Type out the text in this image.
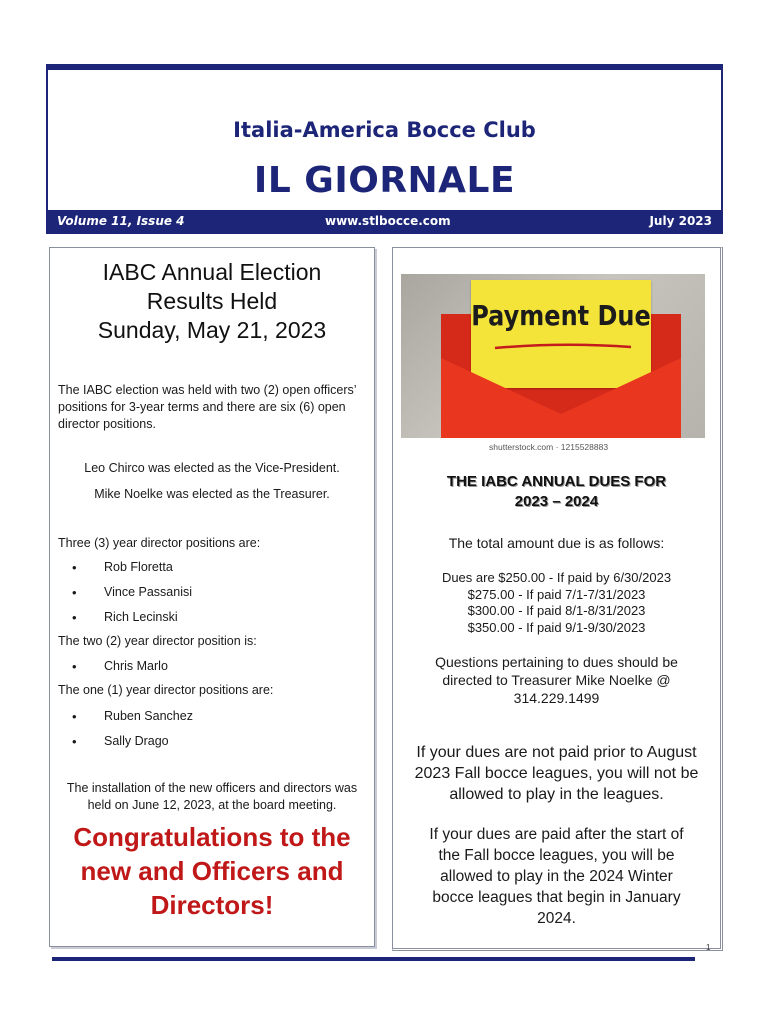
Italia-America Bocce Club
IL GIORNALE
Volume 11, Issue 4	www.stlbocce.com	July 2023
IABC Annual Election
Results Held
Sunday, May 21, 2023

The IABC election was held with two (2) open officers’ positions for 3-year terms and there are six (6) open director positions.

Leo Chirco was elected as the Vice-President.

Mike Noelke was elected as the Treasurer.

Three (3) year director positions are:

• Rob Floretta
• Vince Passanisi
• Rich Lecinski

The two (2) year director position is:

• Chris Marlo

The one (1) year director positions are:

• Ruben Sanchez
• Sally Drago

The installation of the new officers and directors was held on June 12, 2023, at the board meeting.

Congratulations to the
new and Officers and
Directors!
Payment Due
shutterstock.com · 1215528883
THE IABC ANNUAL DUES FOR
2023 – 2024
The total amount due is as follows:
Dues are $250.00 - If paid by 6/30/2023
$275.00 - If paid 7/1-7/31/2023
$300.00 - If paid 8/1-8/31/2023
$350.00 - If paid 9/1-9/30/2023
Questions pertaining to dues should be
directed to Treasurer Mike Noelke @
314.229.1499
If your dues are not paid prior to August
2023 Fall bocce leagues, you will not be
allowed to play in the leagues.
If your dues are paid after the start of
the Fall bocce leagues, you will be
allowed to play in the 2024 Winter
bocce leagues that begin in January
2024.
1
